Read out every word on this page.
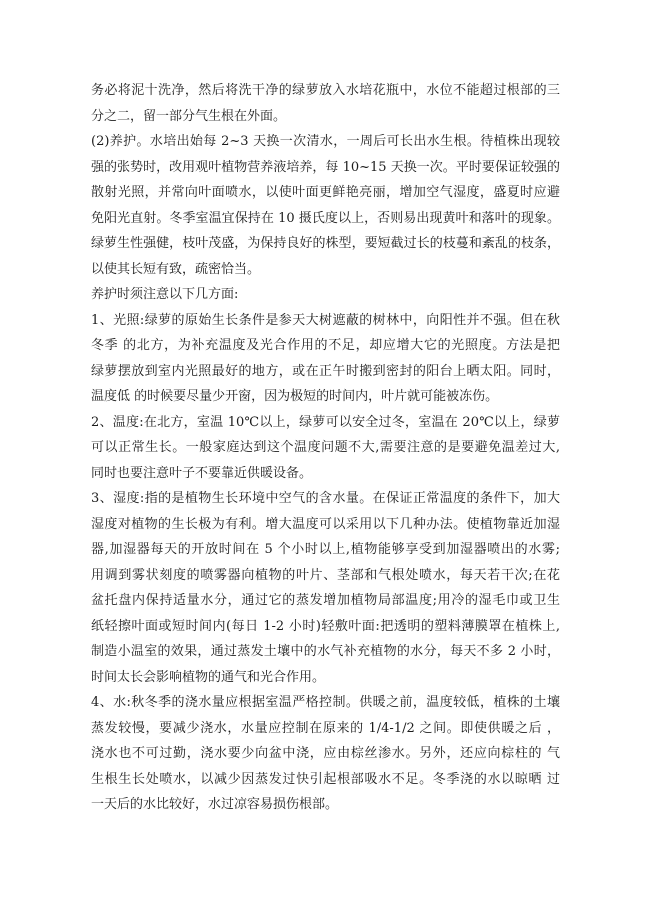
务必将泥十洗净，然后将洗干净的绿萝放入水培花瓶中，水位不能超过根部的三
分之二，留一部分气生根在外面。
(2)养护。水培出始每 2~3 天换一次清水，一周后可长出水生根。待植株出现较
强的张势时，改用观叶植物营养液培养，每 10~15 天换一次。平时要保证较强的
散射光照，并常向叶面喷水，以使叶面更鲜艳亮丽，增加空气湿度，盛夏时应避
免阳光直射。冬季室温宜保持在 10 摄氏度以上，否则易出现黄叶和落叶的现象。
绿萝生性强健，枝叶茂盛，为保持良好的株型，要短截过长的枝蔓和紊乱的枝条，
以使其长短有致，疏密恰当。
养护时须注意以下几方面:
1、光照:绿萝的原始生长条件是参天大树遮蔽的树林中，向阳性并不强。但在秋
冬季 的北方，为补充温度及光合作用的不足，却应增大它的光照度。方法是把
绿萝摆放到室内光照最好的地方，或在正午时搬到密封的阳台上晒太阳。同时，
温度低 的时候要尽量少开窗，因为极短的时间内，叶片就可能被冻伤。
2、温度:在北方，室温 10℃以上，绿萝可以安全过冬，室温在 20℃以上，绿萝
可以正常生长。一般家庭达到这个温度问题不大,需要注意的是要避免温差过大,
同时也要注意叶子不要靠近供暖设备。
3、湿度:指的是植物生长环境中空气的含水量。在保证正常温度的条件下，加大
湿度对植物的生长极为有利。增大温度可以采用以下几种办法。使植物靠近加湿
器,加湿器每天的开放时间在 5 个小时以上,植物能够享受到加湿器喷出的水雾;
用调到雾状刻度的喷雾器向植物的叶片、茎部和气根处喷水，每天若干次;在花
盆托盘内保持适量水分，通过它的蒸发增加植物局部温度;用冷的湿毛巾或卫生
纸轻擦叶面或短时间内(每日 1-2 小时)轻敷叶面:把透明的塑料薄膜罩在植株上,
制造小温室的效果，通过蒸发土壤中的水气补充植物的水分，每天不多 2 小时，
时间太长会影响植物的通气和光合作用。
4、水:秋冬季的浇水量应根据室温严格控制。供暖之前，温度较低，植株的土壤
蒸发较慢，要减少浇水，水量应控制在原来的 1/4-1/2 之间。即使供暖之后 ，
浇水也不可过勤，浇水要少向盆中浇，应由棕丝渗水。另外，还应向棕柱的 气
生根生长处喷水，以减少因蒸发过快引起根部吸水不足。冬季浇的水以晾晒 过
一天后的水比较好，水过凉容易损伤根部。
